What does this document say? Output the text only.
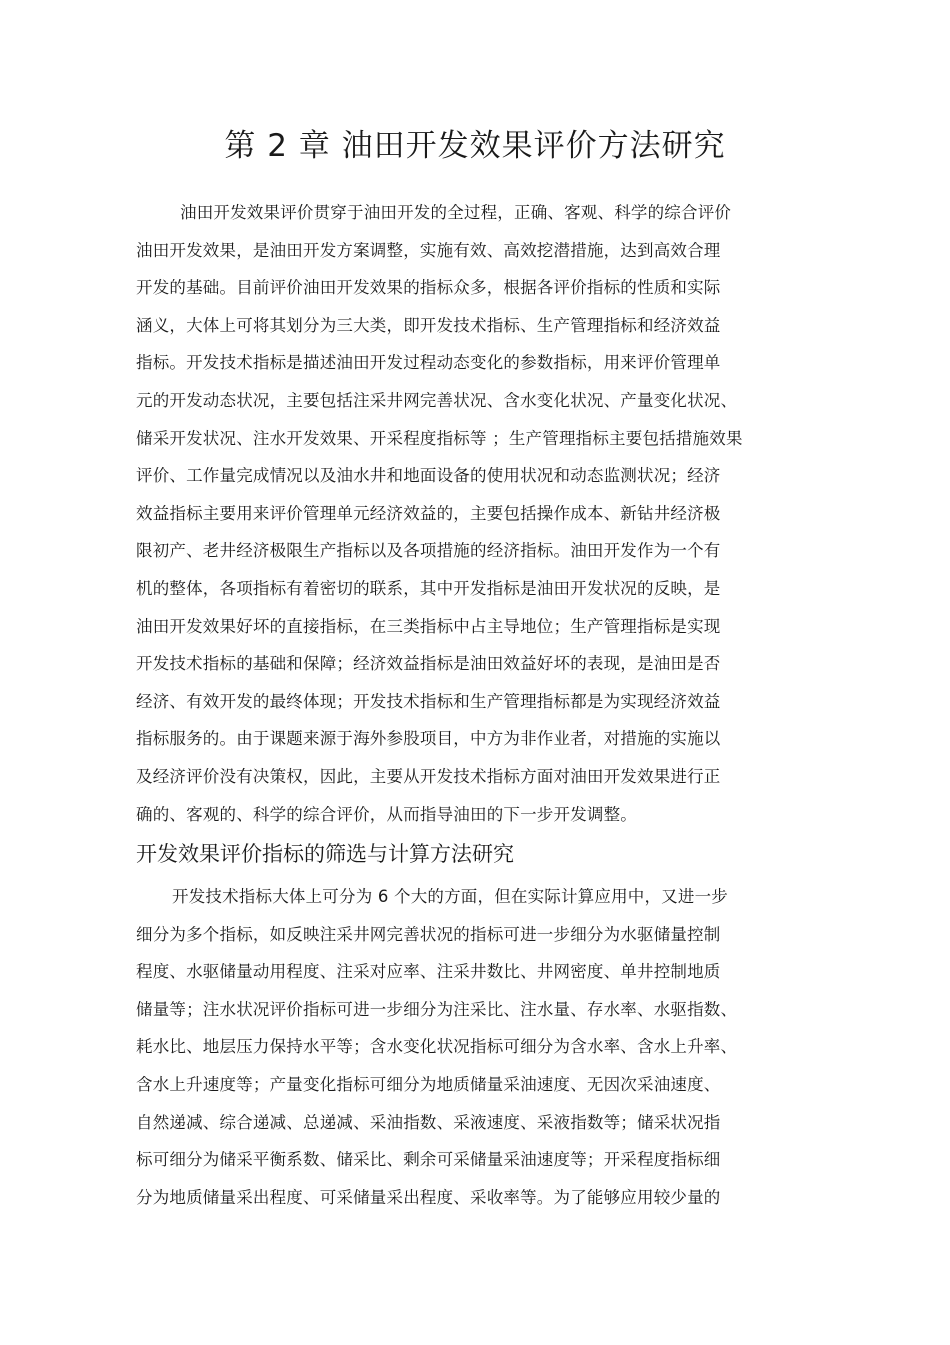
第 2 章 油田开发效果评价方法研究
油田开发效果评价贯穿于油田开发的全过程，正确、客观、科学的综合评价
油田开发效果，是油田开发方案调整，实施有效、高效挖潜措施，达到高效合理
开发的基础。目前评价油田开发效果的指标众多，根据各评价指标的性质和实际
涵义，大体上可将其划分为三大类，即开发技术指标、生产管理指标和经济效益
指标。开发技术指标是描述油田开发过程动态变化的参数指标，用来评价管理单
元的开发动态状况，主要包括注采井网完善状况、含水变化状况、产量变化状况、
储采开发状况、注水开发效果、开采程度指标等 ；生产管理指标主要包括措施效果
评价、工作量完成情况以及油水井和地面设备的使用状况和动态监测状况；经济
效益指标主要用来评价管理单元经济效益的，主要包括操作成本、新钻井经济极
限初产、老井经济极限生产指标以及各项措施的经济指标。油田开发作为一个有
机的整体，各项指标有着密切的联系，其中开发指标是油田开发状况的反映，是
油田开发效果好坏的直接指标，在三类指标中占主导地位；生产管理指标是实现
开发技术指标的基础和保障；经济效益指标是油田效益好坏的表现，是油田是否
经济、有效开发的最终体现；开发技术指标和生产管理指标都是为实现经济效益
指标服务的。由于课题来源于海外参股项目，中方为非作业者，对措施的实施以
及经济评价没有决策权，因此，主要从开发技术指标方面对油田开发效果进行正
确的、客观的、科学的综合评价，从而指导油田的下一步开发调整。
开发效果评价指标的筛选与计算方法研究
开发技术指标大体上可分为 6 个大的方面，但在实际计算应用中，又进一步
细分为多个指标，如反映注采井网完善状况的指标可进一步细分为水驱储量控制
程度、水驱储量动用程度、注采对应率、注采井数比、井网密度、单井控制地质
储量等；注水状况评价指标可进一步细分为注采比、注水量、存水率、水驱指数、
耗水比、地层压力保持水平等；含水变化状况指标可细分为含水率、含水上升率、
含水上升速度等；产量变化指标可细分为地质储量采油速度、无因次采油速度、
自然递减、综合递减、总递减、采油指数、采液速度、采液指数等；储采状况指
标可细分为储采平衡系数、储采比、剩余可采储量采油速度等；开采程度指标细
分为地质储量采出程度、可采储量采出程度、采收率等。为了能够应用较少量的
